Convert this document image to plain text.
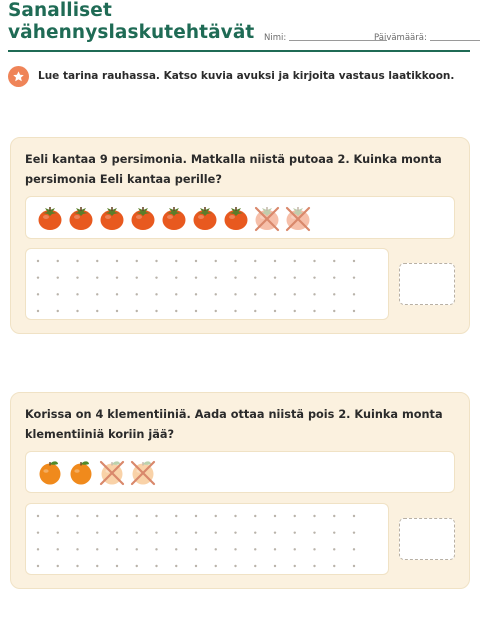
Sanalliset
vähennyslaskutehtävät Nimi:	Päivämäärä:
Lue tarina rauhassa. Katso kuvia avuksi ja kirjoita vastaus laatikkoon.
Eeli kantaa 9 persimonia. Matkalla niistä putoaa 2. Kuinka monta persimonia Eeli kantaa perille?
Korissa on 4 klementiiniä. Aada ottaa niistä pois 2. Kuinka monta klementiiniä koriin jää?
